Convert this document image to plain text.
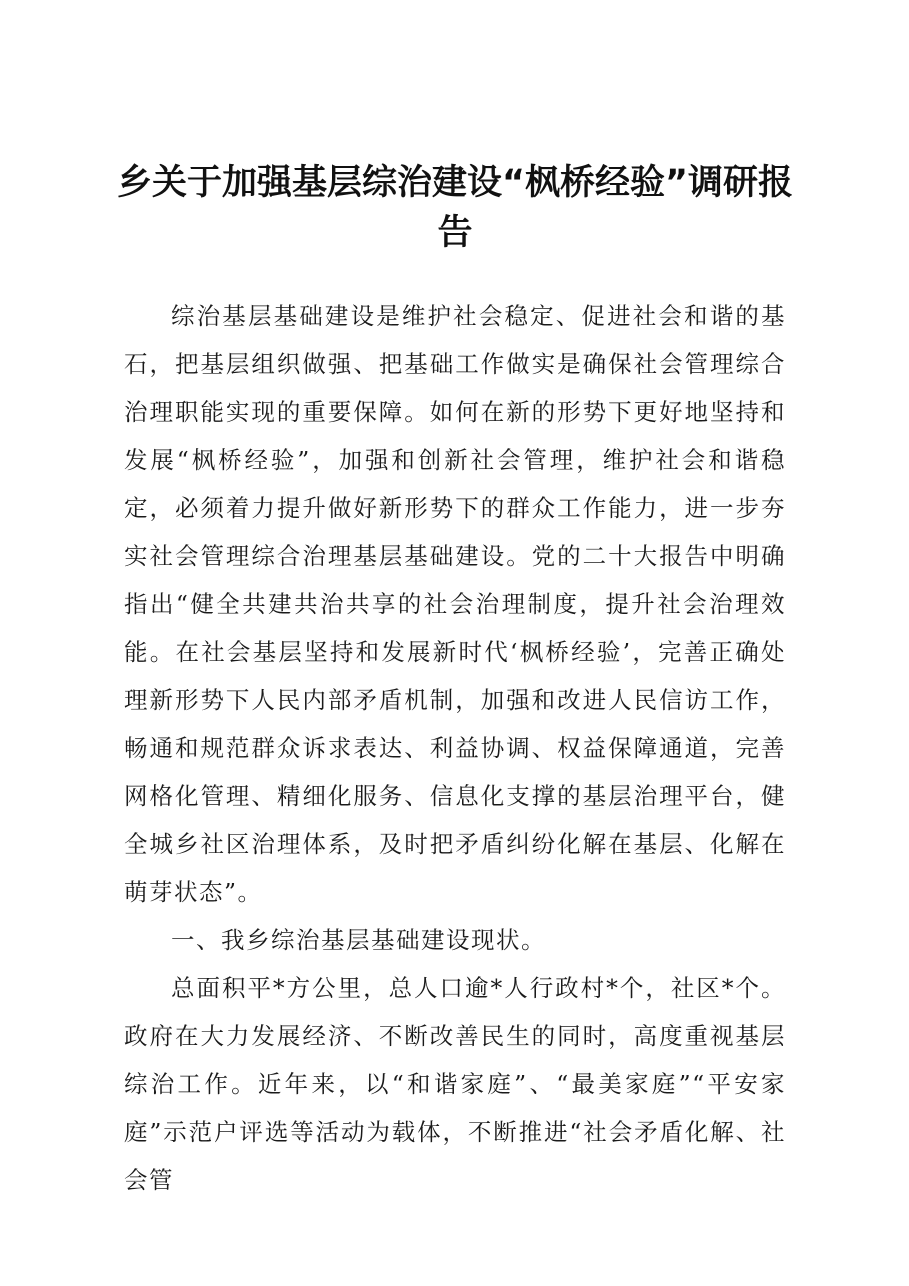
乡关于加强基层综治建设“枫桥经验”调研报告

综治基层基础建设是维护社会稳定、促进社会和谐的基石，把基层组织做强、把基础工作做实是确保社会管理综合治理职能实现的重要保障。如何在新的形势下更好地坚持和发展“枫桥经验”，加强和创新社会管理，维护社会和谐稳定，必须着力提升做好新形势下的群众工作能力，进一步夯实社会管理综合治理基层基础建设。党的二十大报告中明确指出“健全共建共治共享的社会治理制度，提升社会治理效能。在社会基层坚持和发展新时代‘枫桥经验’，完善正确处理新形势下人民内部矛盾机制，加强和改进人民信访工作，畅通和规范群众诉求表达、利益协调、权益保障通道，完善网格化管理、精细化服务、信息化支撑的基层治理平台，健全城乡社区治理体系，及时把矛盾纠纷化解在基层、化解在萌芽状态”。

一、我乡综治基层基础建设现状。

总面积平*方公里，总人口逾*人行政村*个，社区*个。政府在大力发展经济、不断改善民生的同时，高度重视基层综治工作。近年来，以“和谐家庭”、“最美家庭”“平安家庭”示范户评选等活动为载体，不断推进“社会矛盾化解、社会管
